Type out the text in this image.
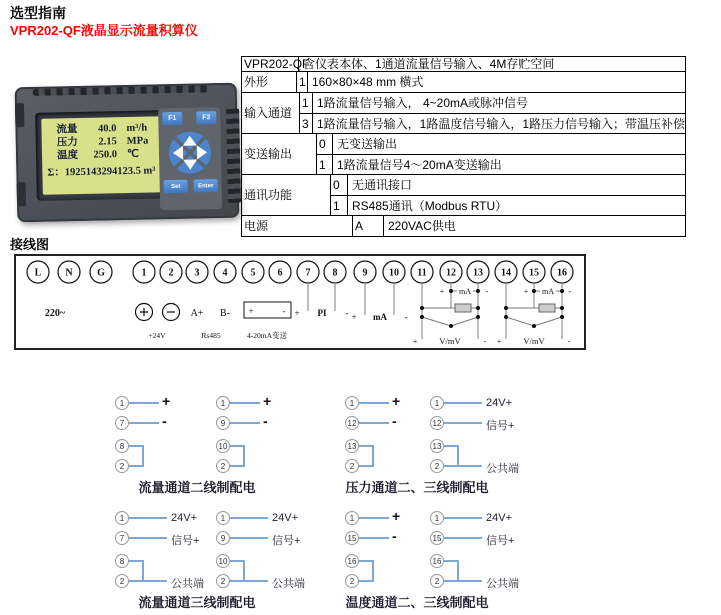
选型指南
VPR202-QF液晶显示流量积算仪
接线图
流量	40.0 m³/h
压力	2.15 MPa
温度	250.0 ℃
Σ：1925143294123.5 m³
F1	F2
Set	Enter
VPR202-QF
含仪表本体、1通道流量信号输入、4M存贮空间
外形	1 160×80×48 mm 横式
输入通道
1 1路流量信号输入， 4~20mA或脉冲信号
3 1路流量信号输入，1路温度信号输入，1路压力信号输入；带温压补偿
变送输出
0 无变送输出
1 1路流量信号4～20mA变送输出
通讯功能
0	无通讯接口
1	RS485通讯（Modbus RTU）
电源	A	220VAC供电
L N G	1 2 3 4 5 6 7 8	9 10 11 12 13 14 15 16
220~
+24V
A+ B-
Rs485
+	-
4-20mA变送
+ PI - + mA -
+ mA -
+	V/mV	-
+ mA -
+	V/mV	-
1	+
7	-
8
2
1	+
9	-
10
2
1	+
12	-
13
2
1	24V+
12	信号+
13
2	公共端
流量通道二线制配电	压力通道二、三线制配电
1	24V+
7	信号+
8
2	公共端
1	24V+
9	信号+
10
2	公共端
1	+
15	-
16
2
1	24V+
15	信号+
16
2	公共端
流量通道三线制配电	温度通道二、三线制配电
